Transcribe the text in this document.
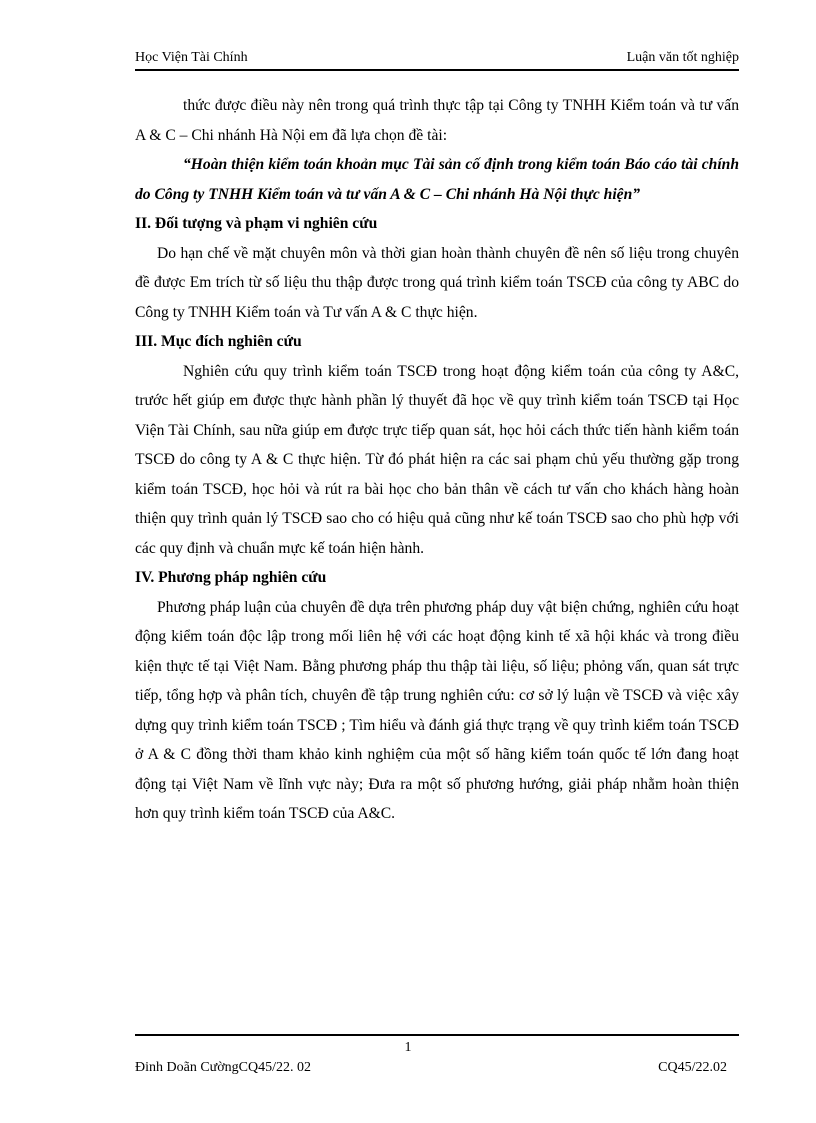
Học Viện Tài Chính	Luận văn tốt nghiệp

thức được điều này nên trong quá trình thực tập tại Công ty TNHH Kiểm toán và tư vấn A & C – Chi nhánh Hà Nội em đã lựa chọn đề tài:

“Hoàn thiện kiểm toán khoản mục Tài sản cố định trong kiểm toán Báo cáo tài chính do Công ty TNHH Kiểm toán và tư vấn A & C – Chi nhánh Hà Nội thực hiện”

II. Đối tượng và phạm vi nghiên cứu

Do hạn chế về mặt chuyên môn và thời gian hoàn thành chuyên đề nên số liệu trong chuyên đề được Em trích từ số liệu thu thập được trong quá trình kiểm toán TSCĐ của công ty ABC do Công ty TNHH Kiểm toán và Tư vấn A & C thực hiện.

III. Mục đích nghiên cứu

Nghiên cứu quy trình kiểm toán TSCĐ trong hoạt động kiểm toán của công ty A&C, trước hết giúp em được thực hành phần lý thuyết đã học về quy trình kiểm toán TSCĐ tại Học Viện Tài Chính, sau nữa giúp em được trực tiếp quan sát, học hỏi cách thức tiến hành kiểm toán TSCĐ do công ty A & C thực hiện. Từ đó phát hiện ra các sai phạm chủ yếu thường gặp trong kiểm toán TSCĐ, học hỏi và rút ra bài học cho bản thân về cách tư vấn cho khách hàng hoàn thiện quy trình quản lý TSCĐ sao cho có hiệu quả cũng như kế toán TSCĐ sao cho phù hợp với các quy định và chuẩn mực kế toán hiện hành.

IV. Phương pháp nghiên cứu

Phương pháp luận của chuyên đề dựa trên phương pháp duy vật biện chứng, nghiên cứu hoạt động kiểm toán độc lập trong mối liên hệ với các hoạt động kinh tế xã hội khác và trong điều kiện thực tế tại Việt Nam. Bằng phương pháp thu thập tài liệu, số liệu; phỏng vấn, quan sát trực tiếp, tổng hợp và phân tích, chuyên đề tập trung nghiên cứu: cơ sở lý luận về TSCĐ và việc xây dựng quy trình kiểm toán TSCĐ ; Tìm hiểu và đánh giá thực trạng về quy trình kiểm toán TSCĐ ở A & C đồng thời tham khảo kinh nghiệm của một số hãng kiểm toán quốc tế lớn đang hoạt động tại Việt Nam về lĩnh vực này; Đưa ra một số phương hướng, giải pháp nhằm hoàn thiện hơn quy trình kiểm toán TSCĐ của A&C.

1
Đinh Doãn CườngCQ45/22. 02	CQ45/22.02
